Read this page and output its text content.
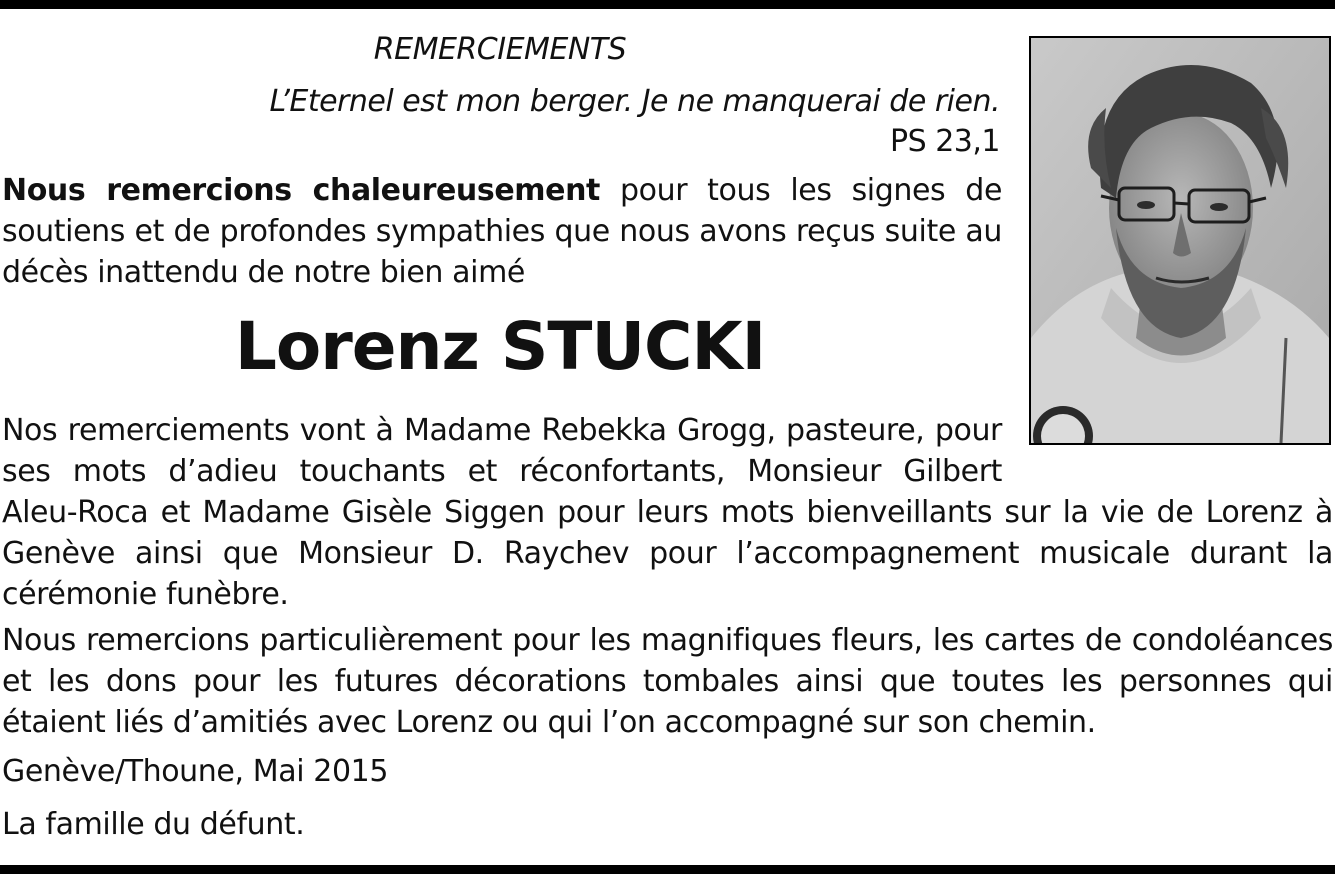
REMERCIEMENTS
L’Eternel est mon berger. Je ne manquerai de rien.
PS 23,1

Nous remercions chaleureusement pour tous les signes de soutiens et de profondes sympathies que nous avons reçus suite au décès inattendu de notre bien aimé

Lorenz STUCKI

Nos remerciements vont à Madame Rebekka Grogg, pasteure, pour ses mots d’adieu touchants et réconfortants, Monsieur Gilbert

Aleu-Roca et Madame Gisèle Siggen pour leurs mots bienveillants sur la vie de Lorenz à Genève ainsi que Monsieur D. Raychev pour l’accompagnement musicale durant la cérémonie funèbre.

Nous remercions particulièrement pour les magnifiques fleurs, les cartes de condoléances et les dons pour les futures décorations tombales ainsi que toutes les personnes qui étaient liés d’amitiés avec Lorenz ou qui l’on accompagné sur son chemin.

Genève/Thoune, Mai 2015
La famille du défunt.
